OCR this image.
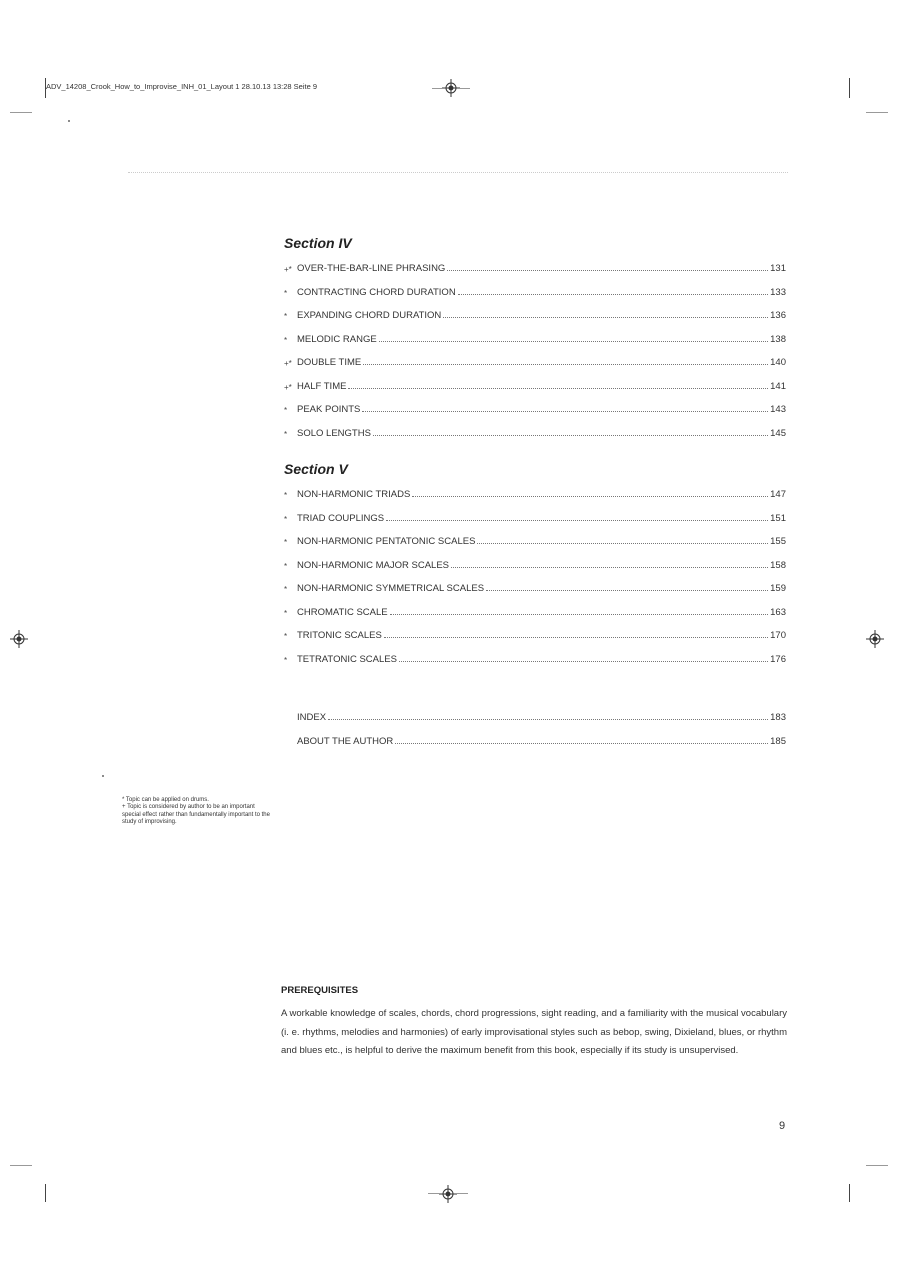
ADV_14208_Crook_How_to_Improvise_INH_01_Layout 1 28.10.13 13:28 Seite 9
Section IV
+* OVER-THE-BAR-LINE PHRASING	131
*	CONTRACTING CHORD DURATION	133
*	EXPANDING CHORD DURATION	136
*	MELODIC RANGE	138
+* DOUBLE TIME	140
+* HALF TIME	141
*	PEAK POINTS	143
*	SOLO LENGTHS	145
Section V
*	NON-HARMONIC TRIADS	147
*	TRIAD COUPLINGS	151
*	NON-HARMONIC PENTATONIC SCALES	155
*	NON-HARMONIC MAJOR SCALES	158
*	NON-HARMONIC SYMMETRICAL SCALES	159
*	CHROMATIC SCALE	163
*	TRITONIC SCALES	170
*	TETRATONIC SCALES	176
INDEX	183
ABOUT THE AUTHOR	185
* Topic can be applied on drums.
+ Topic is considered by author to be an important special effect rather than fundamentally important to the study of improvising.
PREREQUISITES
A workable knowledge of scales, chords, chord progressions, sight reading, and a familiarity with the musical vocabulary (i. e. rhythms, melodies and harmonies) of early improvisational styles such as bebop, swing, Dixieland, blues, or rhythm and blues etc., is helpful to derive the maximum benefit from this book, especially if its study is unsupervised.
9
